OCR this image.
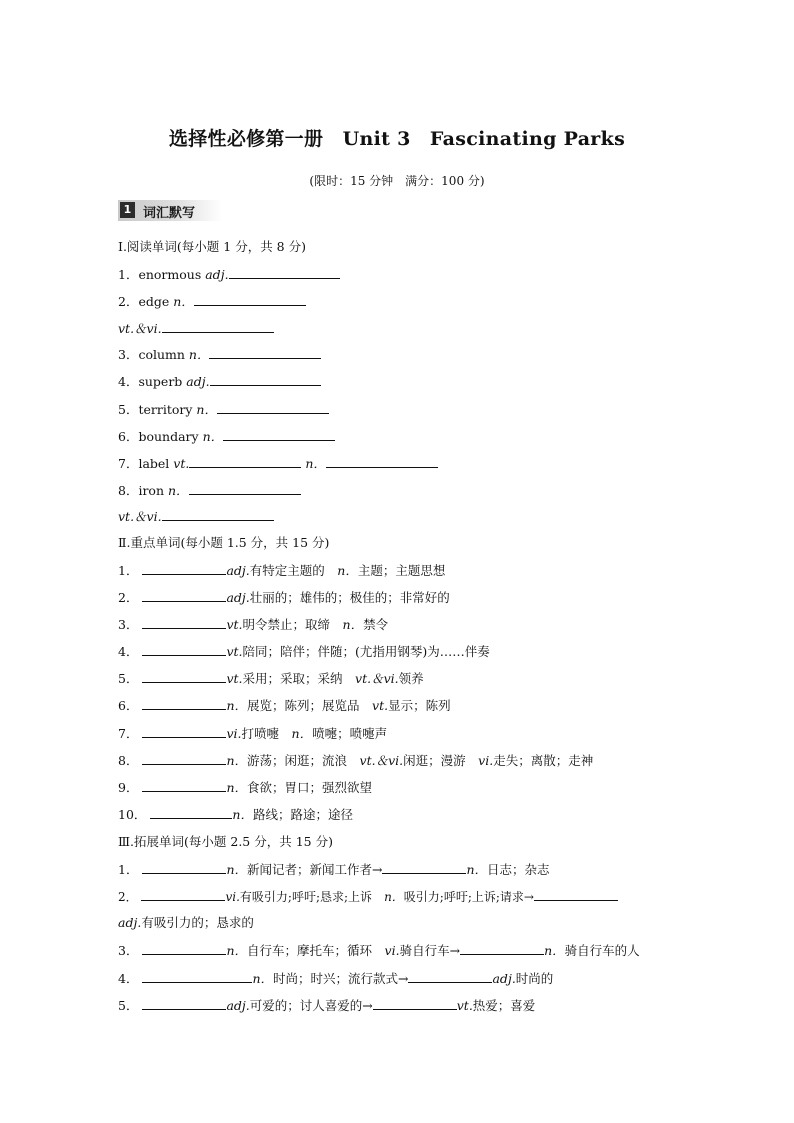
选择性必修第一册　Unit 3　Fascinating Parks
(限时：15 分钟　满分：100 分)
1 词汇默写
Ⅰ.阅读单词(每小题 1 分，共 8 分)
1．enormous adj.
2．edge n．
vt.＆vi.
3．column n．
4．superb adj.
5．territory n．
6．boundary n．
7．label vt.	n．
8．iron n．
vt.＆vi.
Ⅱ.重点单词(每小题 1.5 分，共 15 分)
1．	adj.有特定主题的　 n．主题；主题思想
2．	adj.壮丽的；雄伟的；极佳的；非常好的
3．	vt.明令禁止；取缔　 n．禁令
4．	vt.陪同；陪伴；伴随；(尤指用钢琴)为……伴奏
5．	vt.采用；采取；采纳　 vt.＆vi.领养
6．	n．展览；陈列；展览品　 vt.显示；陈列
7．	vi.打喷嚏　 n．喷嚏；喷嚏声
8．	n．游荡；闲逛；流浪　 vt.＆vi.闲逛；漫游　 vi.走失；离散；走神
9．	n．食欲；胃口；强烈欲望
10．	n．路线；路途；途径
Ⅲ.拓展单词(每小题 2.5 分，共 15 分)
1．	n．新闻记者；新闻工作者→	n．日志；杂志
2．	vi.有吸引力;呼吁;恳求;上诉　 n．吸引力;呼吁;上诉;请求→
adj.有吸引力的；恳求的
3．	n．自行车；摩托车；循环　 vi.骑自行车→	n．骑自行车的人
4．	n．时尚；时兴；流行款式→	adj.时尚的
5．	adj.可爱的；讨人喜爱的→	vt.热爱；喜爱
